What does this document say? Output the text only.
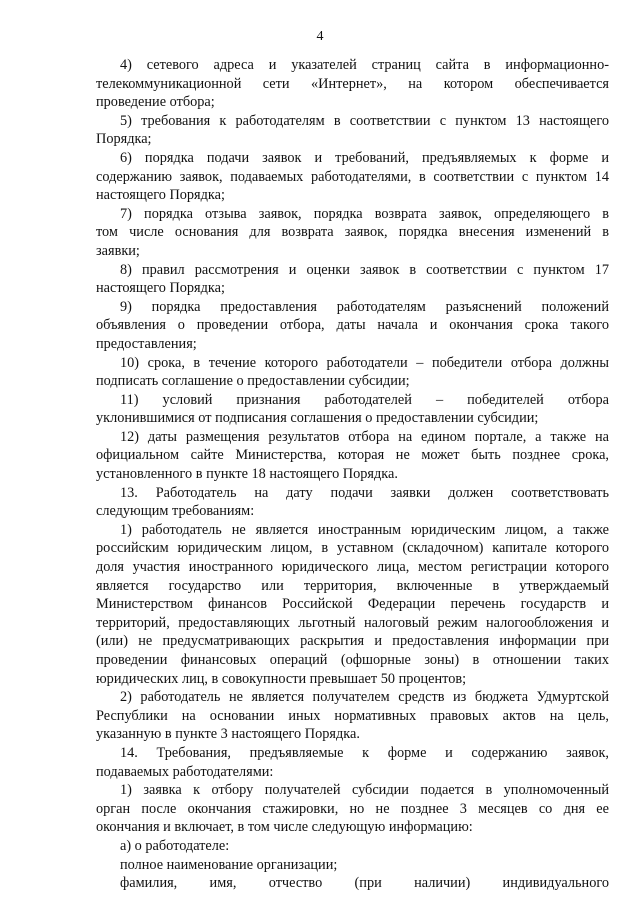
4
4) сетевого адреса и указателей страниц сайта в информационно-
телекоммуникационной сети «Интернет», на котором обеспечивается
проведение отбора;
5) требования к работодателям в соответствии с пунктом 13 настоящего
Порядка;
6) порядка подачи заявок и требований, предъявляемых к форме и
содержанию заявок, подаваемых работодателями, в соответствии с пунктом 14
настоящего Порядка;
7) порядка отзыва заявок, порядка возврата заявок, определяющего в
том числе основания для возврата заявок, порядка внесения изменений в
заявки;
8) правил рассмотрения и оценки заявок в соответствии с пунктом 17
настоящего Порядка;
9) порядка предоставления работодателям разъяснений положений
объявления о проведении отбора, даты начала и окончания срока такого
предоставления;
10) срока, в течение которого работодатели – победители отбора должны
подписать соглашение о предоставлении субсидии;
11) условий признания работодателей – победителей отбора
уклонившимися от подписания соглашения о предоставлении субсидии;
12) даты размещения результатов отбора на едином портале, а также на
официальном сайте Министерства, которая не может быть позднее срока,
установленного в пункте 18 настоящего Порядка.
13. Работодатель на дату подачи заявки должен соответствовать
следующим требованиям:
1) работодатель не является иностранным юридическим лицом, а также
российским юридическим лицом, в уставном (складочном) капитале которого
доля участия иностранного юридического лица, местом регистрации которого
является государство или территория, включенные в утверждаемый
Министерством финансов Российской Федерации перечень государств и
территорий, предоставляющих льготный налоговый режим налогообложения и
(или) не предусматривающих раскрытия и предоставления информации при
проведении финансовых операций (офшорные зоны) в отношении таких
юридических лиц, в совокупности превышает 50 процентов;
2) работодатель не является получателем средств из бюджета Удмуртской
Республики на основании иных нормативных правовых актов на цель,
указанную в пункте 3 настоящего Порядка.
14. Требования, предъявляемые к форме и содержанию заявок,
подаваемых работодателями:
1) заявка к отбору получателей субсидии подается в уполномоченный
орган после окончания стажировки, но не позднее 3 месяцев со дня ее
окончания и включает, в том числе следующую информацию:
а) о работодателе:
полное наименование организации;
фамилия, имя, отчество (при наличии) индивидуального
